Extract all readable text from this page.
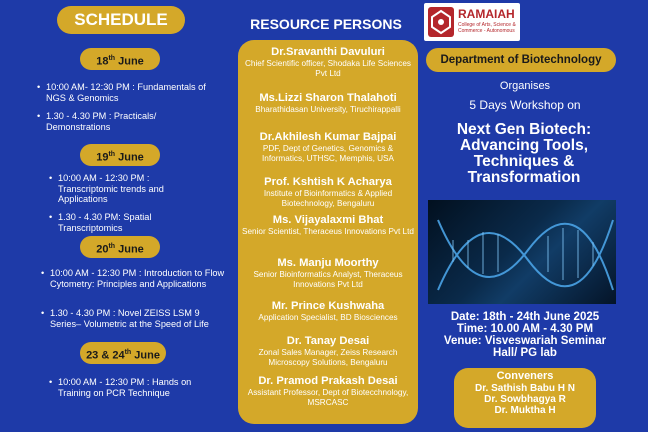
SCHEDULE
18th June
• 10:00 AM- 12:30 PM : Fundamentals of NGS & Genomics
• 1.30 - 4.30 PM : Practicals/ Demonstrations
19th June
• 10:00 AM - 12:30 PM : Transcriptomic trends and Applications
• 1.30 - 4.30 PM: Spatial Transcriptomics
20th June
• 10:00 AM - 12:30 PM : Introduction to Flow Cytometry: Principles and Applications
• 1.30 - 4.30 PM : Novel ZEISS LSM 9 Series– Volumetric at the Speed of Life
23 & 24th June
• 10:00 AM - 12:30 PM : Hands on Training on PCR Technique
RESOURCE PERSONS
Dr.Sravanthi Davuluri
Chief Scientific officer, Shodaka Life Sciences Pvt Ltd
Ms.Lizzi Sharon Thalahoti
Bharathidasan University, Tiruchirappalli
Dr.Akhilesh Kumar Bajpai
PDF, Dept of Genetics, Genomics & Informatics, UTHSC, Memphis, USA
Prof. Kshtish K Acharya
Institute of Bioinformatics & Applied Biotechnology, Bengaluru
Ms. Vijayalaxmi Bhat
Senior Scientist, Theraceus Innovations Pvt Ltd
Ms. Manju Moorthy
Senior Bioinformatics Analyst, Theraceus Innovations Pvt Ltd
Mr. Prince Kushwaha
Application Specialist, BD Biosciences
Dr. Tanay Desai
Zonal Sales Manager, Zeiss Research Microscopy Solutions, Bengaluru
Dr. Pramod Prakash Desai
Assistant Professor, Dept of Biotecchnology, MSRCASC
RAMAIAH
College of Arts, Science & Commerce - Autonomous
Department of Biotechnology
Organises
5 Days Workshop on
Next Gen Biotech:
Advancing Tools,
Techniques &
Transformation
Date: 18th - 24th June 2025
Time: 10.00 AM - 4.30 PM
Venue: Visveswariah Seminar
Hall/ PG lab
Conveners
Dr. Sathish Babu H N
Dr. Sowbhagya R
Dr. Muktha H
